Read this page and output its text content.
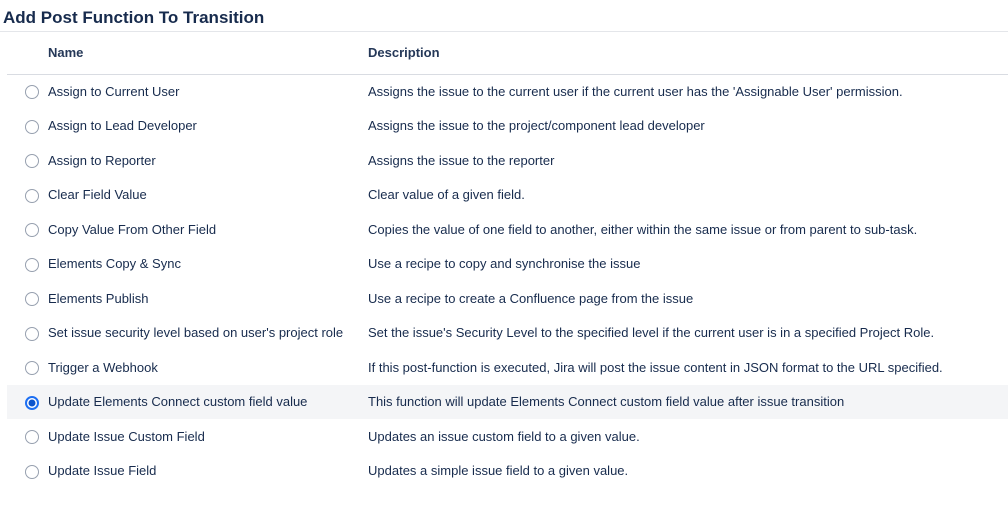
Add Post Function To Transition
	Name	Description
	Assign to Current User	Assigns the issue to the current user if the current user has the 'Assignable User' permission.
	Assign to Lead Developer	Assigns the issue to the project/component lead developer
	Assign to Reporter	Assigns the issue to the reporter
	Clear Field Value	Clear value of a given field.
	Copy Value From Other Field	Copies the value of one field to another, either within the same issue or from parent to sub-task.
	Elements Copy & Sync	Use a recipe to copy and synchronise the issue
	Elements Publish	Use a recipe to create a Confluence page from the issue
	Set issue security level based on user's project role	Set the issue's Security Level to the specified level if the current user is in a specified Project Role.
	Trigger a Webhook	If this post-function is executed, Jira will post the issue content in JSON format to the URL specified.
	Update Elements Connect custom field value	This function will update Elements Connect custom field value after issue transition
	Update Issue Custom Field	Updates an issue custom field to a given value.
	Update Issue Field	Updates a simple issue field to a given value.
